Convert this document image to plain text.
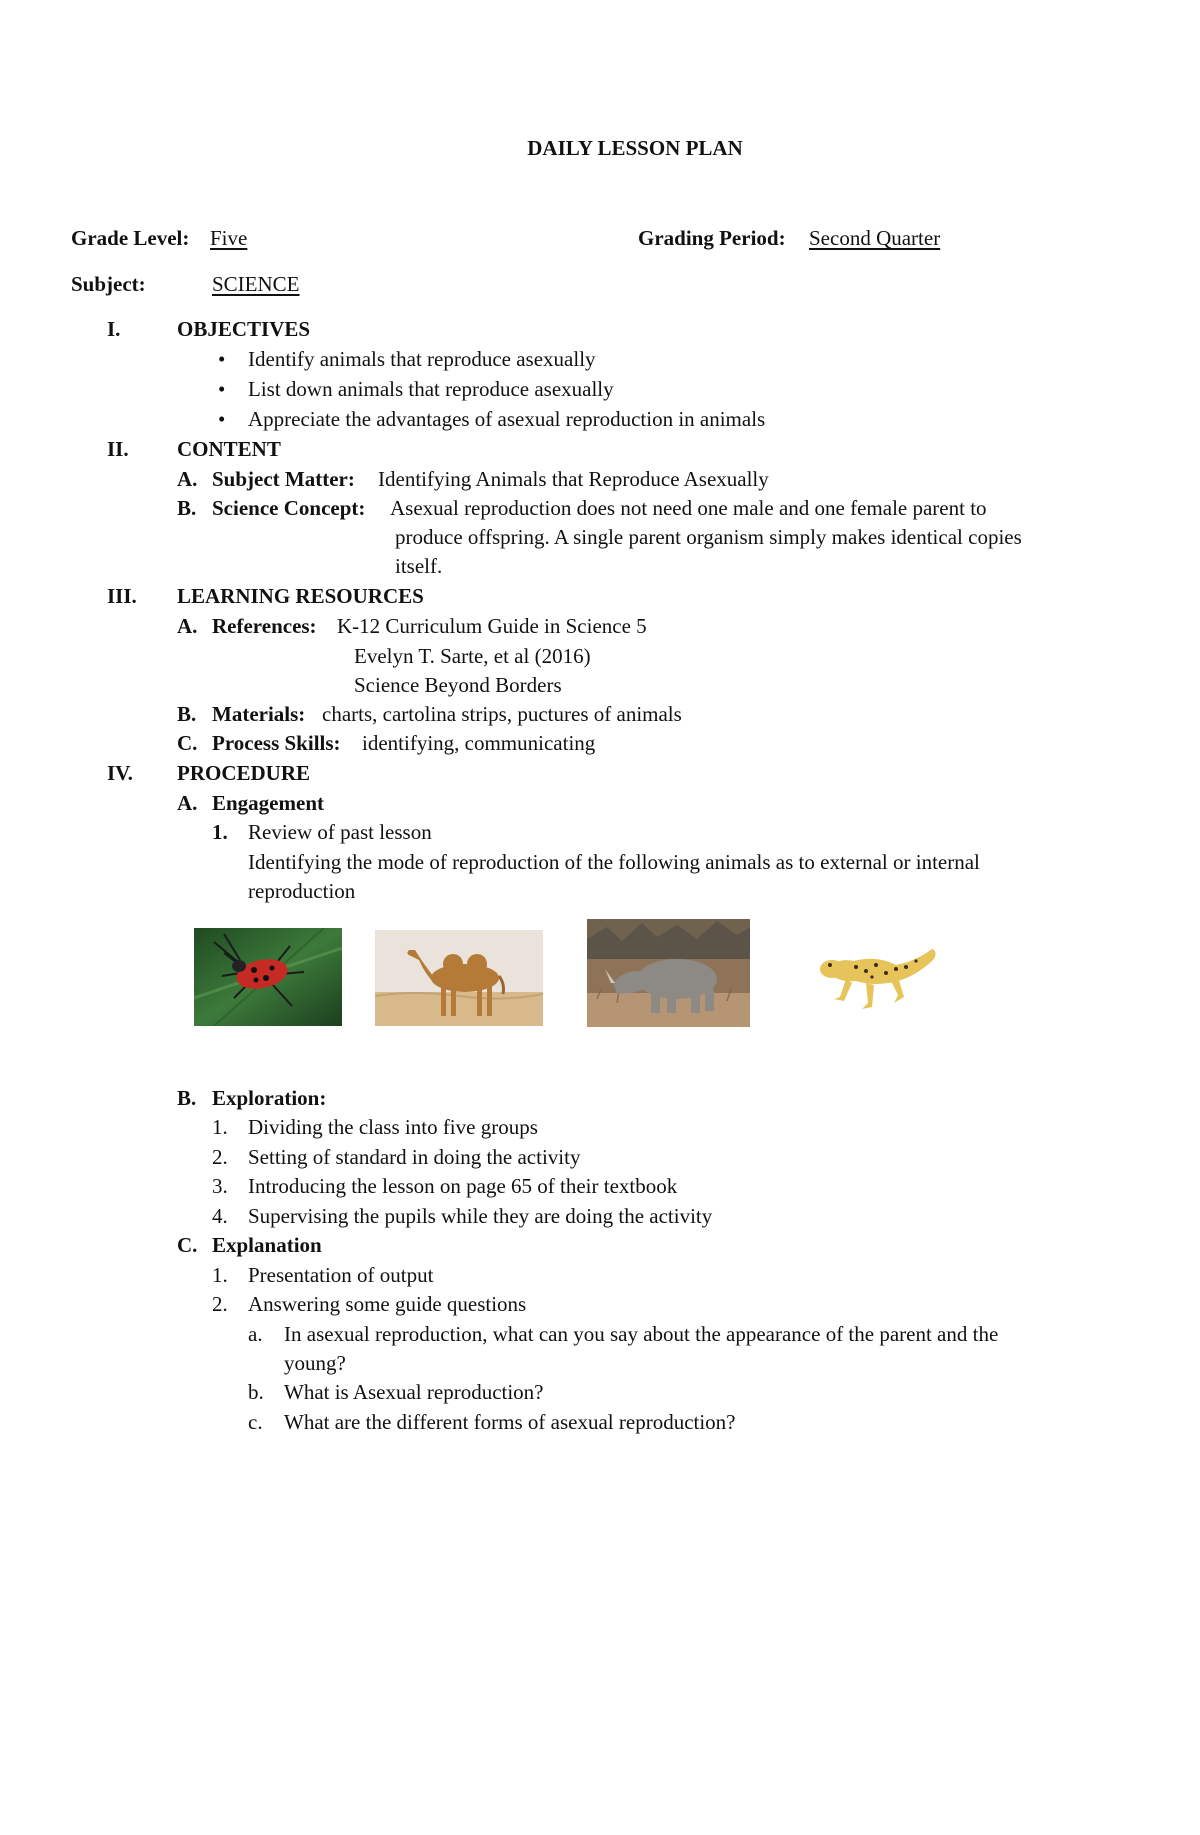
DAILY LESSON PLAN
Grade Level: Five	Grading Period: Second Quarter
Subject:	SCIENCE
I.	OBJECTIVES
• Identify animals that reproduce asexually
• List down animals that reproduce asexually
• Appreciate the advantages of asexual reproduction in animals
II. CONTENT
A. Subject Matter: Identifying Animals that Reproduce Asexually
B. Science Concept: Asexual reproduction does not need one male and one female parent to
produce offspring. A single parent organism simply makes identical copies
itself.
III. LEARNING RESOURCES
A. References: K-12 Curriculum Guide in Science 5
Evelyn T. Sarte, et al (2016)
Science Beyond Borders
B. Materials: charts, cartolina strips, puctures of animals
C. Process Skills: identifying, communicating
IV. PROCEDURE
A. Engagement
1. Review of past lesson
Identifying the mode of reproduction of the following animals as to external or internal
reproduction
B. Exploration:
1. Dividing the class into five groups
2. Setting of standard in doing the activity
3. Introducing the lesson on page 65 of their textbook
4. Supervising the pupils while they are doing the activity
C. Explanation
1. Presentation of output
2. Answering some guide questions
a. In asexual reproduction, what can you say about the appearance of the parent and the
young?
b. What is Asexual reproduction?
c. What are the different forms of asexual reproduction?
